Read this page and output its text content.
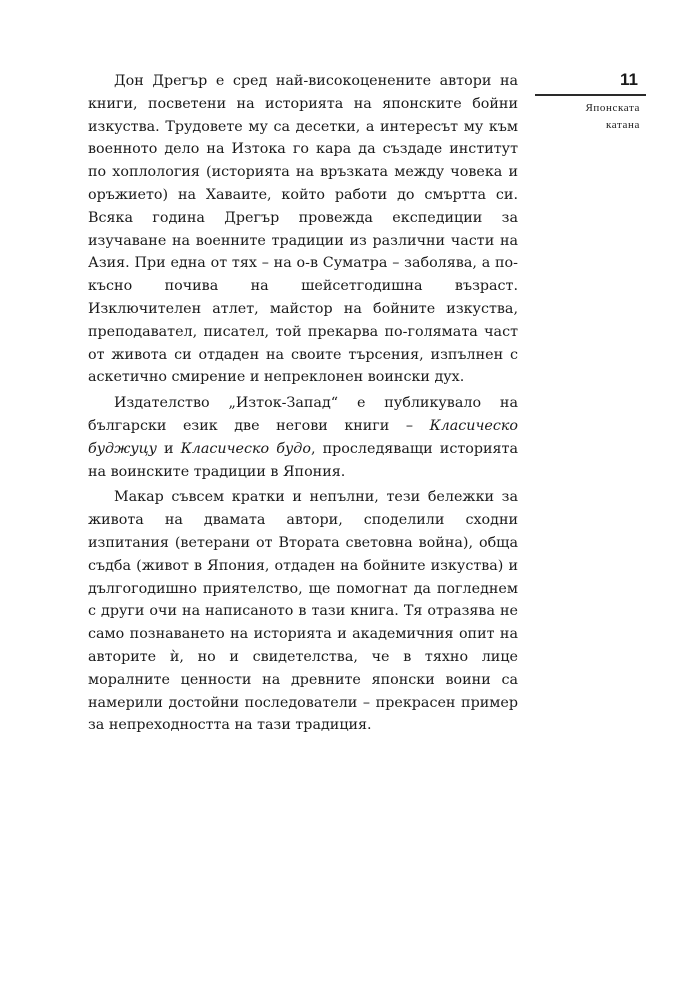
11
Японската
катана

Дон Дрегър е сред най-високоценените автори на книги, посветени на историята на японските бойни изкуства. Трудовете му са десетки, а интересът му към военното дело на Изтока го кара да създаде институт по хоплология (историята на връзката между човека и оръжието) на Хаваите, който работи до смъртта си. Всяка година Дрегър провежда експедиции за изучаване на военните традиции из различни части на Азия. При една от тях – на о-в Суматра – заболява, а по-късно почива на шейсетгодишна възраст. Изключителен атлет, майстор на бойните изкуства, преподавател, писател, той прекарва по-голямата част от живота си отдаден на своите търсения, изпълнен с аскетично смирение и непреклонен воински дух.

Издателство „Изток-Запад“ е публикувало на български език две негови книги – Класическо буджуцу и Класическо будо, проследяващи историята на воинските традиции в Япония.

Макар съвсем кратки и непълни, тези бележки за живота на двамата автори, споделили сходни изпитания (ветерани от Втората световна война), обща съдба (живот в Япония, отдаден на бойните изкуства) и дългогодишно приятелство, ще помогнат да погледнем с други очи на написаното в тази книга. Тя отразява не само познаването на историята и академичния опит на авторите ѝ, но и свидетелства, че в тяхно лице моралните ценности на древните японски воини са намерили достойни последователи – прекрасен пример за непреходността на тази традиция.
